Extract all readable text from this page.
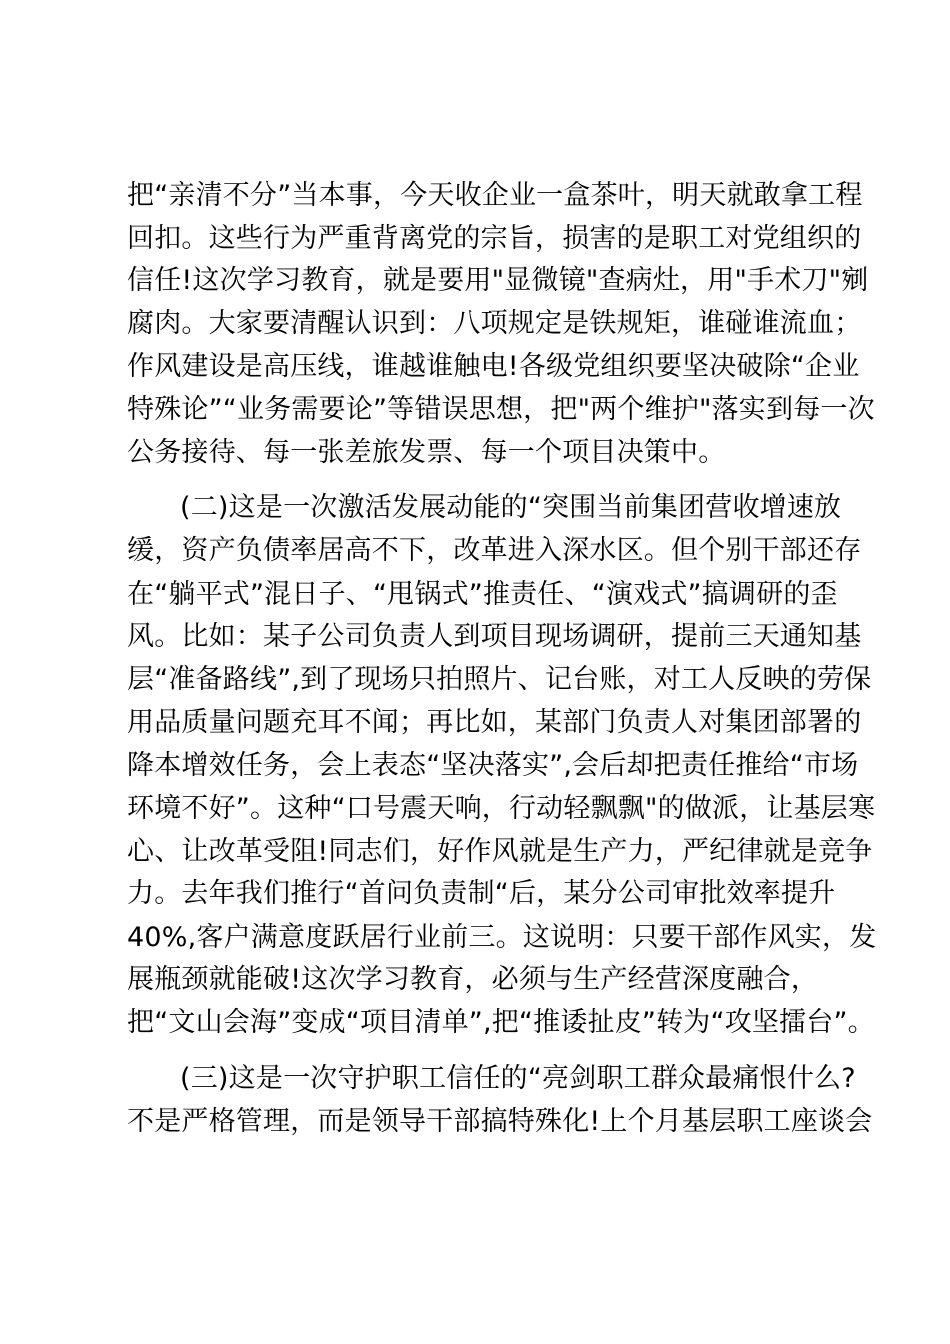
把“亲清不分”当本事，今天收企业一盒茶叶，明天就敢拿工程
回扣。这些行为严重背离党的宗旨，损害的是职工对党组织的
信任!这次学习教育，就是要用"显微镜"查病灶，用"手术刀"剜
腐肉。大家要清醒认识到：八项规定是铁规矩，谁碰谁流血；
作风建设是高压线，谁越谁触电!各级党组织要坚决破除“企业
特殊论”“业务需要论”等错误思想，把"两个维护"落实到每一次
公务接待、每一张差旅发票、每一个项目决策中。
(二)这是一次激活发展动能的“突围当前集团营收增速放
缓，资产负债率居高不下，改革进入深水区。但个别干部还存
在“躺平式”混日子、“甩锅式”推责任、“演戏式”搞调研的歪
风。比如：某子公司负责人到项目现场调研，提前三天通知基
层“准备路线”,到了现场只拍照片、记台账，对工人反映的劳保
用品质量问题充耳不闻；再比如，某部门负责人对集团部署的
降本增效任务，会上表态“坚决落实”,会后却把责任推给“市场
环境不好”。这种“口号震天响，行动轻飘飘"的做派，让基层寒
心、让改革受阻!同志们，好作风就是生产力，严纪律就是竞争
力。去年我们推行“首问负责制“后，某分公司审批效率提升
40%,客户满意度跃居行业前三。这说明：只要干部作风实，发
展瓶颈就能破!这次学习教育，必须与生产经营深度融合，
把“文山会海”变成“项目清单”,把“推诿扯皮”转为“攻坚擂台”。
(三)这是一次守护职工信任的“亮剑职工群众最痛恨什么?
不是严格管理，而是领导干部搞特殊化!上个月基层职工座谈会
